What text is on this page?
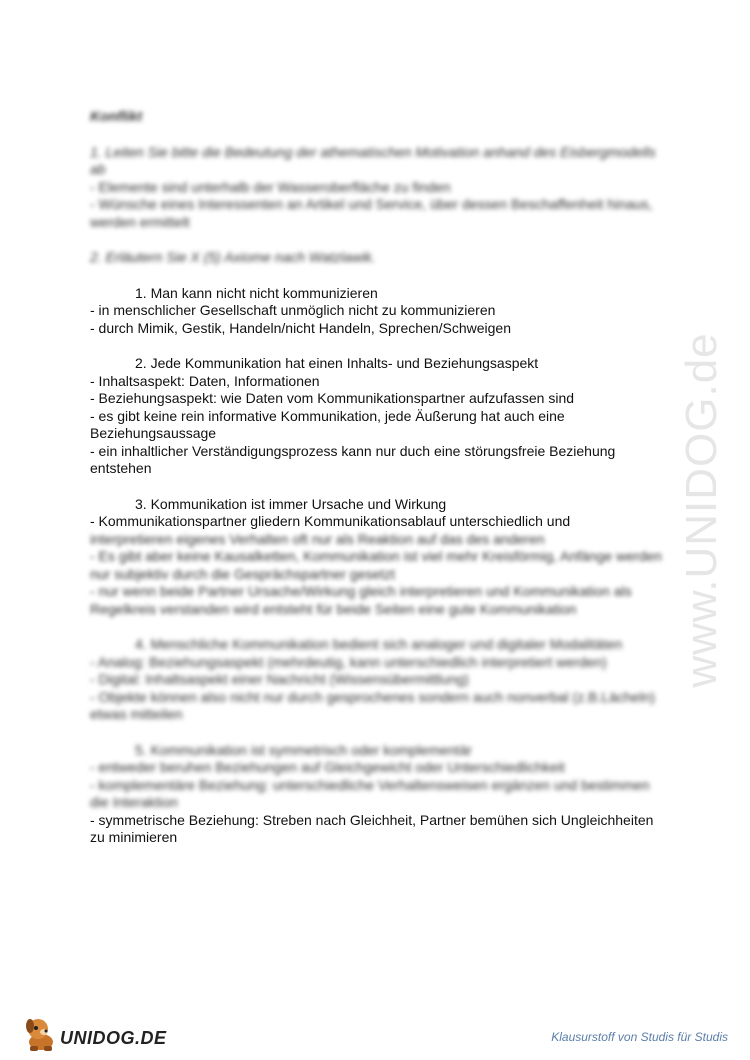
www.UNIDOG.de
Konflikt
1. Leiten Sie bitte die Bedeutung der athematischen Motivation anhand des Eisbergmodells ab
- Elemente sind unterhalb der Wasseroberfläche zu finden
- Wünsche eines Interessenten an Artikel und Service, über dessen Beschaffenheit hinaus, werden ermittelt
2. Erläutern Sie X (5) Axiome nach Watzlawik.
1. Man kann nicht nicht kommunizieren
- in menschlicher Gesellschaft unmöglich nicht zu kommunizieren
- durch Mimik, Gestik, Handeln/nicht Handeln, Sprechen/Schweigen
2. Jede Kommunikation hat einen Inhalts- und Beziehungsaspekt
- Inhaltsaspekt: Daten, Informationen
- Beziehungsaspekt: wie Daten vom Kommunikationspartner aufzufassen sind
- es gibt keine rein informative Kommunikation, jede Äußerung hat auch eine Beziehungsaussage
- ein inhaltlicher Verständigungsprozess kann nur duch eine störungsfreie Beziehung entstehen
3. Kommunikation ist immer Ursache und Wirkung
- Kommunikationspartner gliedern Kommunikationsablauf unterschiedlich und
interpretieren eigenes Verhalten oft nur als Reaktion auf das des anderen
- Es gibt aber keine Kausalketten, Kommunikation ist viel mehr Kreisförmig, Anfänge werden nur subjektiv durch die Gesprächspartner gesetzt
- nur wenn beide Partner Ursache/Wirkung gleich interpretieren und Kommunikation als Regelkreis verstanden wird entsteht für beide Seiten eine gute Kommunikation
4. Menschliche Kommunikation bedient sich analoger und digitaler Modalitäten
- Analog: Beziehungsaspekt (mehrdeutig, kann unterschiedlich interpretiert werden)
- Digital: Inhaltsaspekt einer Nachricht (Wissensübermittlung)
- Objekte können also nicht nur durch gesprochenes sondern auch nonverbal (z.B.Lächeln) etwas mitteilen
5. Kommunikation ist symmetrisch oder komplementär
- entweder beruhen Beziehungen auf Gleichgewicht oder Unterschiedlichkeit
- komplementäre Beziehung: unterschiedliche Verhaltensweisen ergänzen und bestimmen die Interaktion
- symmetrische Beziehung: Streben nach Gleichheit, Partner bemühen sich Ungleichheiten zu minimieren
UNIDOG.DE	Klausurstoff von Studis für Studis
